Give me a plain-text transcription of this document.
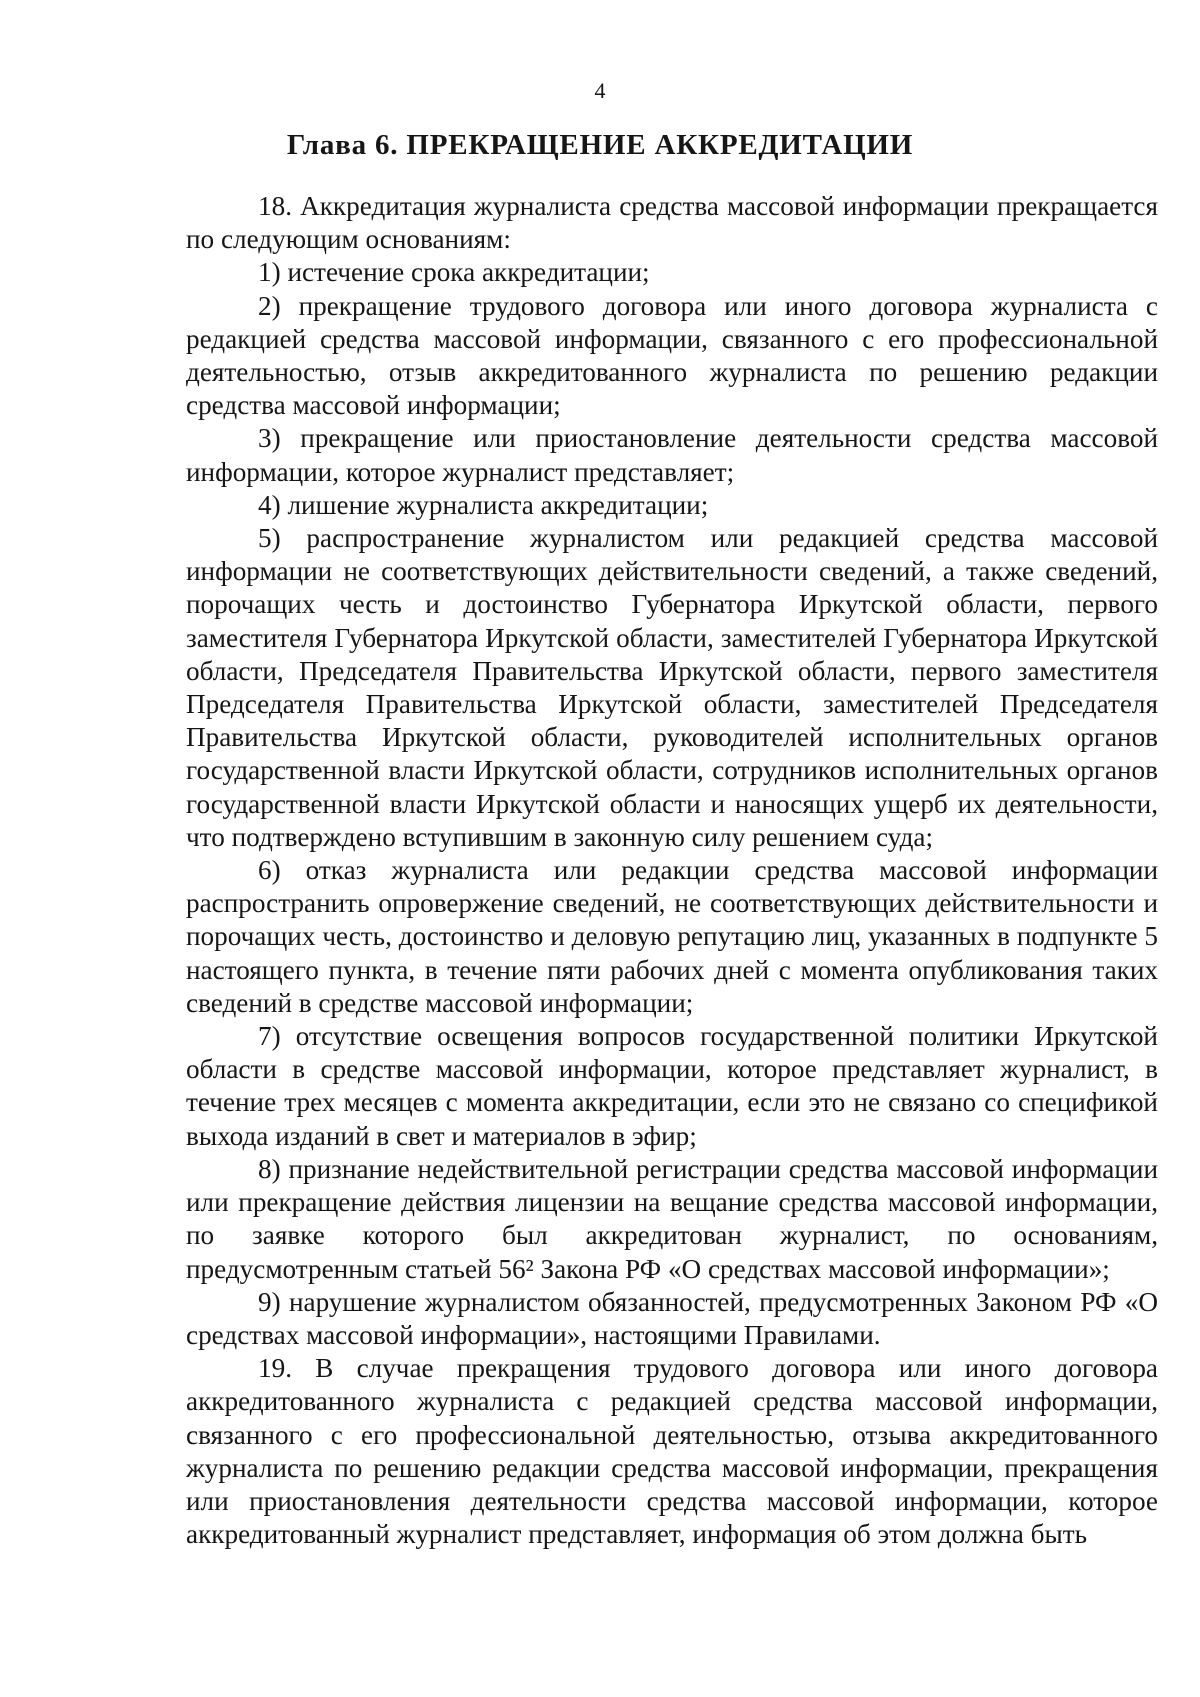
4
Глава 6. ПРЕКРАЩЕНИЕ АККРЕДИТАЦИИ

18. Аккредитация журналиста средства массовой информации прекращается по следующим основаниям:

1) истечение срока аккредитации;

2) прекращение трудового договора или иного договора журналиста с редакцией средства массовой информации, связанного с его профессиональной деятельностью, отзыв аккредитованного журналиста по решению редакции средства массовой информации;

3) прекращение или приостановление деятельности средства массовой информации, которое журналист представляет;

4) лишение журналиста аккредитации;

5) распространение журналистом или редакцией средства массовой информации не соответствующих действительности сведений, а также сведений, порочащих честь и достоинство Губернатора Иркутской области, первого заместителя Губернатора Иркутской области, заместителей Губернатора Иркутской области, Председателя Правительства Иркутской области, первого заместителя Председателя Правительства Иркутской области, заместителей Председателя Правительства Иркутской области, руководителей исполнительных органов государственной власти Иркутской области, сотрудников исполнительных органов государственной власти Иркутской области и наносящих ущерб их деятельности, что подтверждено вступившим в законную силу решением суда;

6) отказ журналиста или редакции средства массовой информации распространить опровержение сведений, не соответствующих действительности и порочащих честь, достоинство и деловую репутацию лиц, указанных в подпункте 5 настоящего пункта, в течение пяти рабочих дней с момента опубликования таких сведений в средстве массовой информации;

7) отсутствие освещения вопросов государственной политики Иркутской области в средстве массовой информации, которое представляет журналист, в течение трех месяцев с момента аккредитации, если это не связано со спецификой выхода изданий в свет и материалов в эфир;

8) признание недействительной регистрации средства массовой информации или прекращение действия лицензии на вещание средства массовой информации, по заявке которого был аккредитован журналист, по основаниям, предусмотренным статьей 56² Закона РФ «О средствах массовой информации»;

9) нарушение журналистом обязанностей, предусмотренных Законом РФ «О средствах массовой информации», настоящими Правилами.

19. В случае прекращения трудового договора или иного договора аккредитованного журналиста с редакцией средства массовой информации, связанного с его профессиональной деятельностью, отзыва аккредитованного журналиста по решению редакции средства массовой информации, прекращения или приостановления деятельности средства массовой информации, которое аккредитованный журналист представляет, информация об этом должна быть
